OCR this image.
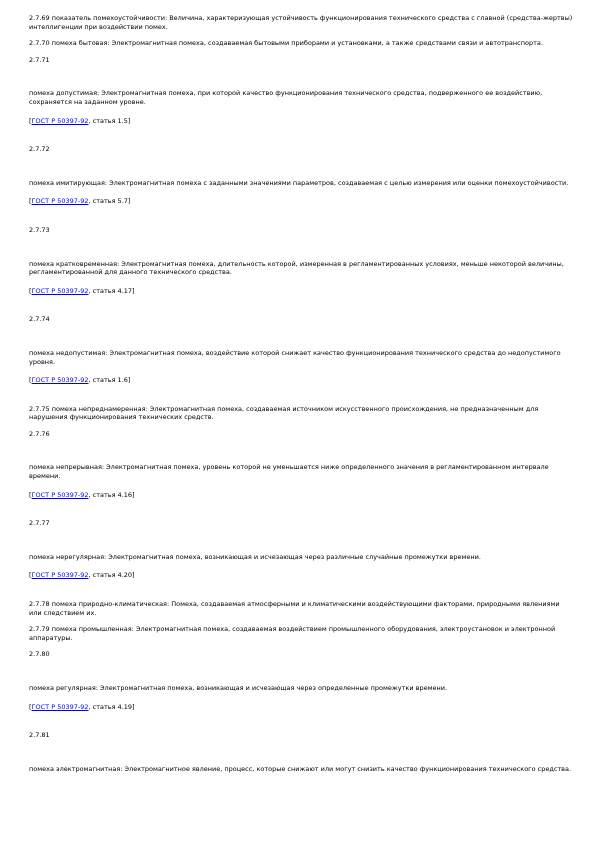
2.7.69 показатель помехоустойчивости: Величина, характеризующая устойчивость функционирования технического средства с главной (средства-жертвы) интеллигенции при воздействии помех.

2.7.70 помеха бытовая: Электромагнитная помеха, создаваемая бытовыми приборами и установками, а также средствами связи и автотранспорта.

2.7.71

помеха допустимая: Электромагнитная помеха, при которой качество функционирования технического средства, подверженного ее воздействию, сохраняется на заданном уровне.

[ГОСТ Р 50397-92, статья 1.5]
2.7.72

помеха имитирующая: Электромагнитная помеха с заданными значениями параметров, создаваемая с целью измерения или оценки помехоустойчивости.

[ГОСТ Р 50397-92, статья 5.7]
2.7.73

помеха кратковременная: Электромагнитная помеха, длительность которой, измеренная в регламентированных условиях, меньше некоторой величины, регламентированной для данного технического средства.

[ГОСТ Р 50397-92, статья 4.17]
2.7.74

помеха недопустимая: Электромагнитная помеха, воздействие которой снижает качество функционирования технического средства до недопустимого уровня.

[ГОСТ Р 50397-92, статья 1.6]

2.7.75 помеха непреднамеренная: Электромагнитная помеха, создаваемая источником искусственного происхождения, не предназначенным для нарушения функционирования технических средств.

2.7.76

помеха непрерывная: Электромагнитная помеха, уровень которой не уменьшается ниже определенного значения в регламентированном интервале времени.

[ГОСТ Р 50397-92, статья 4.16]
2.7.77

помеха нерегулярная: Электромагнитная помеха, возникающая и исчезающая через различные случайные промежутки времени.

[ГОСТ Р 50397-92, статья 4.20]

2.7.78 помеха природно-климатическая: Помеха, создаваемая атмосферными и климатическими воздействующими факторами, природными явлениями или следствием их.

2.7.79 помеха промышленная: Электромагнитная помеха, создаваемая воздействием промышленного оборудования, электроустановок и электронной аппаратуры.

2.7.80

помеха регулярная: Электромагнитная помеха, возникающая и исчезающая через определенные промежутки времени.

[ГОСТ Р 50397-92, статья 4.19]
2.7.81

помеха электромагнитная: Электромагнитное явление, процесс, которые снижают или могут снизить качество функционирования технического средства.
